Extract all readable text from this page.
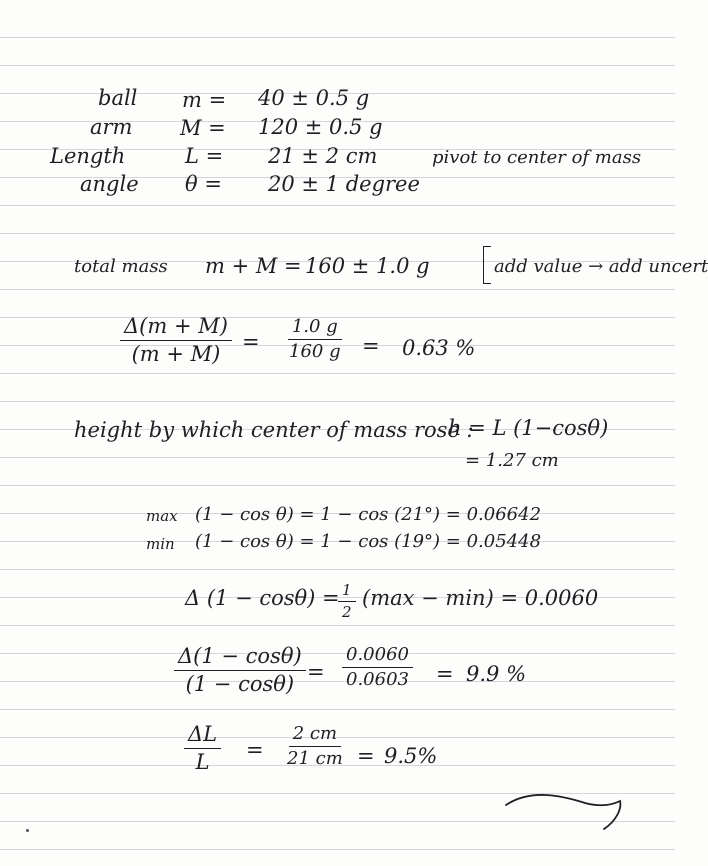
ball m = 40 ± 0.5 g
arm M = 120 ± 0.5 g
Length	L = 21 ± 2 cm	pivot to center of mass
angle θ = 20 ± 1 degree
total mass m + M = 160 ± 1.0 g	add value → add uncert
$\frac{\Delta(m + M)}{(m + M)} = \frac{1.0 g}{160 g} = 0.63$ %
height by which center of mass rose :
h = L (1−cosθ)
= 1.27 cm
max (1 − cos θ) = 1 − cos (21°) = 0.06642
min (1 − cos θ) = 1 − cos (19°) = 0.05448
Δ (1 − cosθ) =
$\frac{1}{2} (\max - \min) = 0.0060$
$\frac{\Delta(1 - \cos\theta)}{(1 - \cos\theta)} = \frac{0.0060}{0.0603} = 9.9$ %
$\frac{\Delta L}{L} = \frac{2 cm}{21 cm} = 9.5\%$
